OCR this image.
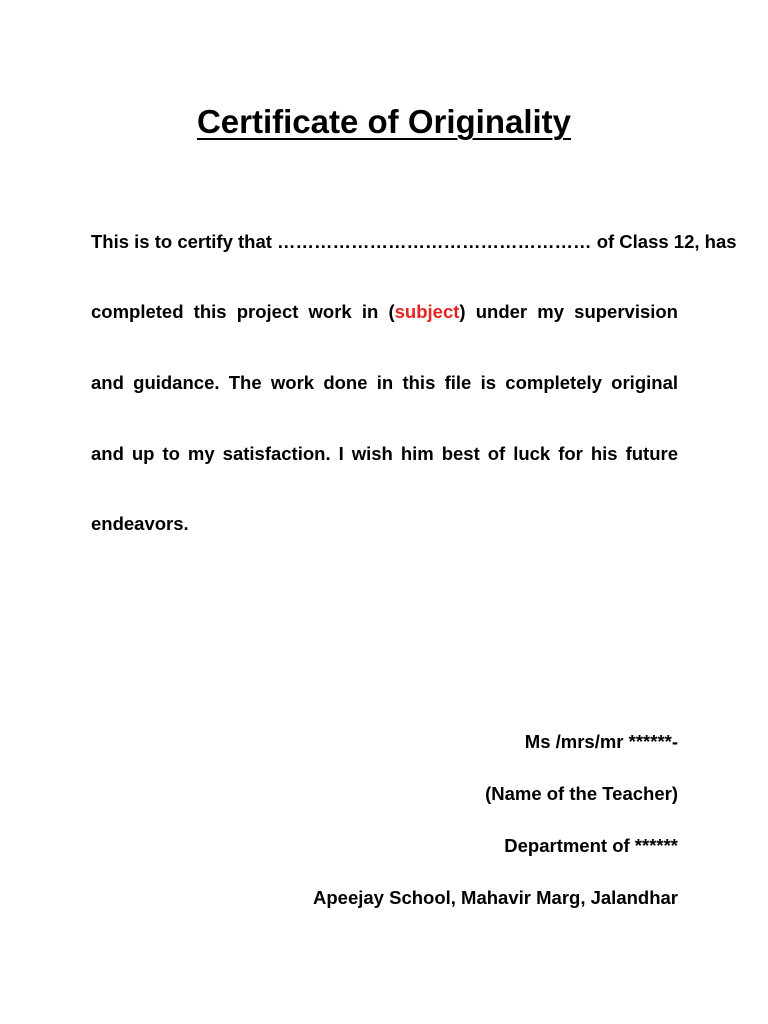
Certificate of Originality

This is to certify that …………………………………………… of Class 12, has

completed this project work in (subject) under my supervision

and guidance. The work done in this file is completely original

and up to my satisfaction. I wish him best of luck for his future

endeavors.

Ms /mrs/mr ******-

(Name of the Teacher)

Department of ******

Apeejay School, Mahavir Marg, Jalandhar
